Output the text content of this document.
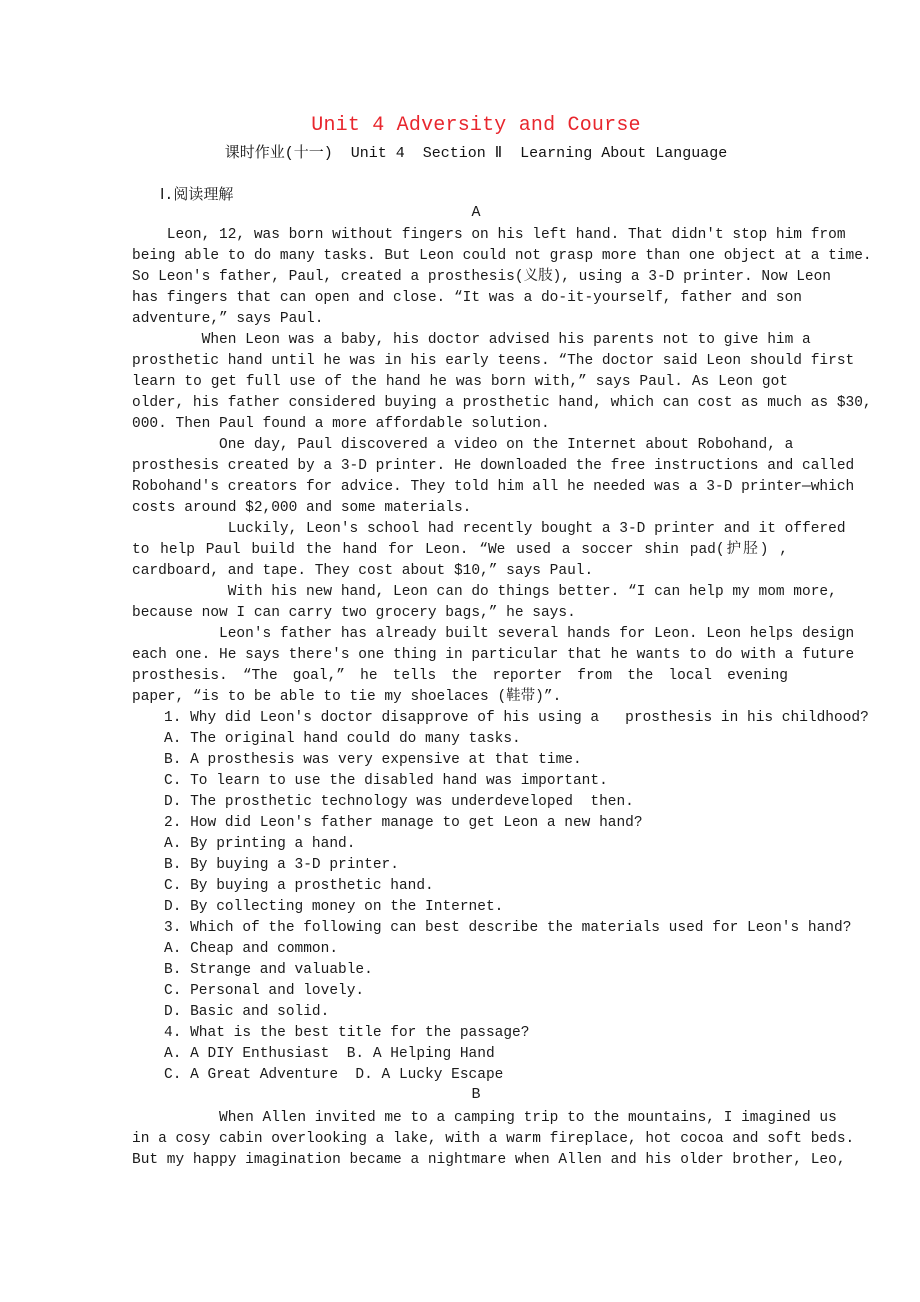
Unit 4 Adversity and Course
课时作业(十一)  Unit 4  Section Ⅱ  Learning About Language
Ⅰ.阅读理解
A
Leon, 12, was born without fingers on his left hand. That didn't stop him from
being able to do many tasks. But Leon could not grasp more than one object at a time.
So Leon's father, Paul, created a prosthesis(义肢), using a 3-D printer. Now Leon
has fingers that can open and close. “It was a do-it-yourself, father and son
adventure,” says Paul.
When Leon was a baby, his doctor advised his parents not to give him a
prosthetic hand until he was in his early teens. “The doctor said Leon should first
learn to get full use of the hand he was born with,” says Paul. As Leon got
older, his father considered buying a prosthetic hand, which can cost as much as $30,
000. Then Paul found a more affordable solution.
One day, Paul discovered a video on the Internet about Robohand, a
prosthesis created by a 3-D printer. He downloaded the free instructions and called
Robohand's creators for advice. They told him all he needed was a 3-D printer—which
costs around $2,000 and some materials.
Luckily, Leon's school had recently bought a 3-D printer and it offered
to help Paul build the hand for Leon. “We used a soccer shin pad(护胫) ,
cardboard, and tape. They cost about $10,” says Paul.
With his new hand, Leon can do things better. “I can help my mom more,
because now I can carry two grocery bags,” he says.
Leon's father has already built several hands for Leon. Leon helps design
each one. He says there's one thing in particular that he wants to do with a future
prosthesis. “The goal,” he tells the reporter from the local evening
paper, “is to be able to tie my shoelaces (鞋带)”.
1. Why did Leon's doctor disapprove of his using a   prosthesis in his childhood?
A. The original hand could do many tasks.
B. A prosthesis was very expensive at that time.
C. To learn to use the disabled hand was important.
D. The prosthetic technology was underdeveloped  then.
2. How did Leon's father manage to get Leon a new hand?
A. By printing a hand.
B. By buying a 3-D printer.
C. By buying a prosthetic hand.
D. By collecting money on the Internet.
3. Which of the following can best describe the materials used for Leon's hand?
A. Cheap and common.
B. Strange and valuable.
C. Personal and lovely.
D. Basic and solid.
4. What is the best title for the passage?
A. A DIY Enthusiast  B. A Helping Hand
C. A Great Adventure  D. A Lucky Escape
B
When Allen invited me to a camping trip to the mountains, I imagined us
in a cosy cabin overlooking a lake, with a warm fireplace, hot cocoa and soft beds.
But my happy imagination became a nightmare when Allen and his older brother, Leo,
